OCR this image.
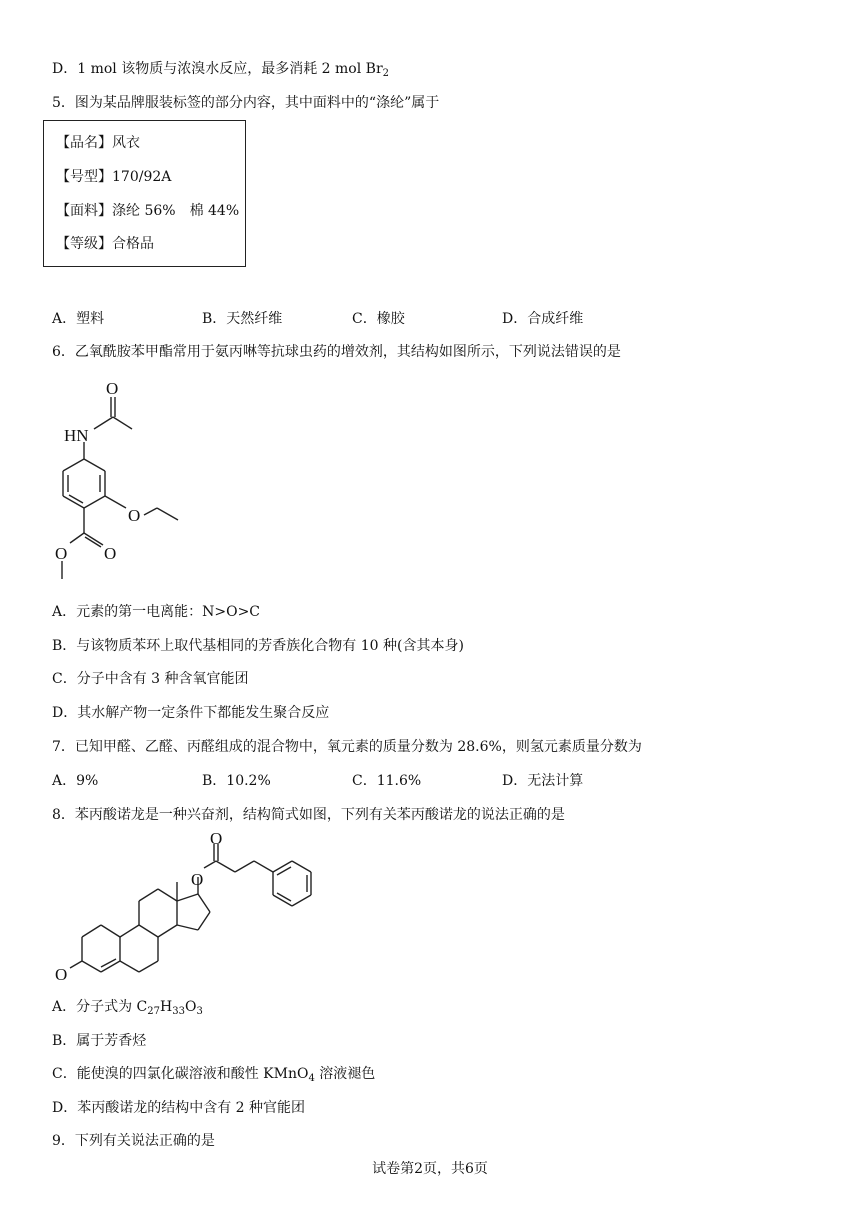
D．1 mol 该物质与浓溴水反应，最多消耗 2 mol $Br_2$
5．图为某品牌服装标签的部分内容，其中面料中的“涤纶”属于
【品名】风衣
【号型】170/92A
【面料】涤纶 56%　棉 44%
【等级】合格品
A．塑料	B．天然纤维	C．橡胶	D．合成纤维
6．乙氧酰胺苯甲酯常用于氨丙啉等抗球虫药的增效剂，其结构如图所示，下列说法错误的是
O
HN
O
O
O
A．元素的第一电离能：N>O>C
B．与该物质苯环上取代基相同的芳香族化合物有 10 种(含其本身)
C．分子中含有 3 种含氧官能团
D．其水解产物一定条件下都能发生聚合反应
7．已知甲醛、乙醛、丙醛组成的混合物中，氧元素的质量分数为 28.6%，则氢元素质量分数为
A．9%	B．10.2%	C．11.6%	D．无法计算
8．苯丙酸诺龙是一种兴奋剂，结构简式如图，下列有关苯丙酸诺龙的说法正确的是
O
O
O
A．分子式为 $C_{27}H_{33}O_3$
B．属于芳香烃
C．能使溴的四氯化碳溶液和酸性 KMnO$_4$ 溶液褪色
D．苯丙酸诺龙的结构中含有 2 种官能团
9．下列有关说法正确的是
试卷第2页，共6页
